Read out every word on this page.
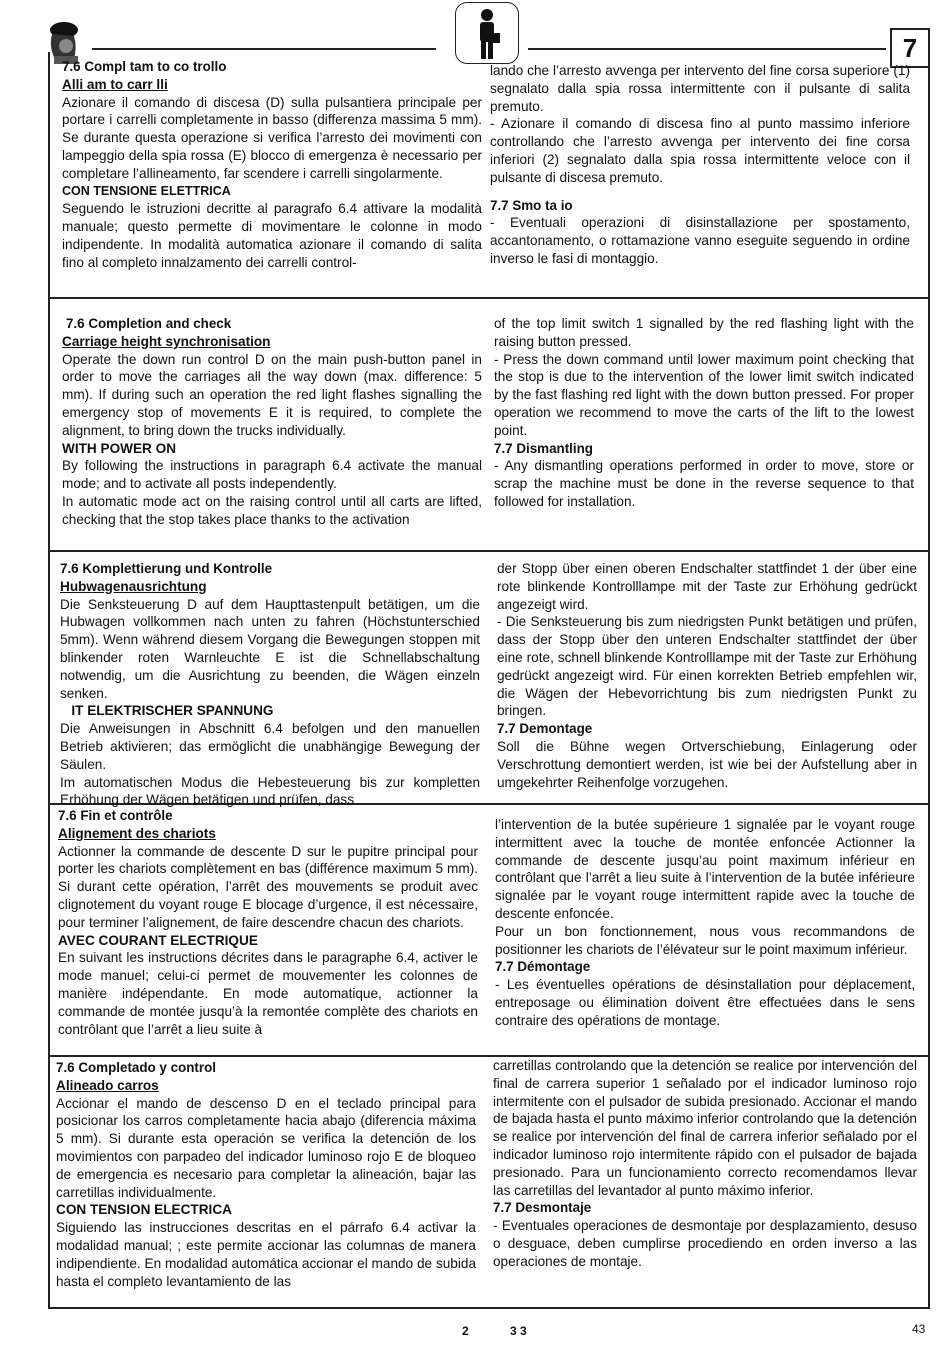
7

7.6 Compl tam to co trollo

Alli am to carr lli

Azionare il comando di discesa (D) sulla pulsantiera principale per portare i carrelli completamente in basso (differenza massima 5 mm). Se durante questa operazione si verifica l’arresto dei movimenti con lampeggio della spia rossa (E) blocco di emergenza è necessario per completare l’allineamento, far scendere i carrelli singolarmente.

CON TENSIONE ELETTRICA

Seguendo le istruzioni decritte al paragrafo 6.4 attivare la modalità manuale; questo permette di movimentare le colonne in modo indipendente. In modalità automatica azionare il comando di salita fino al completo innalzamento dei carrelli control-

lando che l’arresto avvenga per intervento del fine corsa superiore (1) segnalato dalla spia rossa intermittente con il pulsante di salita premuto.

- Azionare il comando di discesa fino al punto massimo inferiore controllando che l’arresto avvenga per intervento dei fine corsa inferiori (2) segnalato dalla spia rossa intermittente veloce con il pulsante di discesa premuto.

7.7 Smo ta io

- Eventuali operazioni di disinstallazione per spostamento, accantonamento, o rottamazione vanno eseguite seguendo in ordine inverso le fasi di montaggio.

7.6 Completion and check

Carriage height synchronisation

Operate the down run control D on the main push-button panel in order to move the carriages all the way down (max. difference: 5 mm). If during such an operation the red light flashes signalling the emergency stop of movements E it is required, to complete the alignment, to bring down the trucks individually.

WITH POWER ON

By following the instructions in paragraph 6.4 activate the manual mode; and to activate all posts independently.

In automatic mode act on the raising control until all carts are lifted, checking that the stop takes place thanks to the activation

of the top limit switch 1 signalled by the red flashing light with the raising button pressed.

- Press the down command until lower maximum point checking that the stop is due to the intervention of the lower limit switch indicated by the fast flashing red light with the down button pressed. For proper operation we recommend to move the carts of the lift to the lowest point.

7.7 Dismantling

- Any dismantling operations performed in order to move, store or scrap the machine must be done in the reverse sequence to that followed for installation.

7.6 Komplettierung und Kontrolle

Hubwagenausrichtung

Die Senksteuerung D auf dem Haupttastenpult betätigen, um die Hubwagen vollkommen nach unten zu fahren (Höchstunterschied 5mm). Wenn während diesem Vorgang die Bewegungen stoppen mit blinkender roten Warnleuchte E ist die Schnellabschaltung notwendig, um die Ausrichtung zu beenden, die Wägen einzeln senken.

IT ELEKTRISCHER SPANNUNG

Die Anweisungen in Abschnitt 6.4 befolgen und den manuellen Betrieb aktivieren; das ermöglicht die unabhängige Bewegung der Säulen.

Im automatischen Modus die Hebesteuerung bis zur kompletten Erhöhung der Wägen betätigen und prüfen, dass

der Stopp über einen oberen Endschalter stattfindet 1 der über eine rote blinkende Kontrolllampe mit der Taste zur Erhöhung gedrückt angezeigt wird.

- Die Senksteuerung bis zum niedrigsten Punkt betätigen und prüfen, dass der Stopp über den unteren Endschalter stattfindet der über eine rote, schnell blinkende Kontrolllampe mit der Taste zur Erhöhung gedrückt angezeigt wird. Für einen korrekten Betrieb empfehlen wir, die Wägen der Hebevorrichtung bis zum niedrigsten Punkt zu bringen.

7.7 Demontage

Soll die Bühne wegen Ortverschiebung, Einlagerung oder Verschrottung demontiert werden, ist wie bei der Aufstellung aber in umgekehrter Reihenfolge vorzugehen.

7.6 Fin et contrôle

Alignement des chariots

Actionner la commande de descente D sur le pupitre principal pour porter les chariots complètement en bas (différence maximum 5 mm). Si durant cette opération, l’arrêt des mouvements se produit avec clignotement du voyant rouge E blocage d’urgence, il est nécessaire, pour terminer l’alignement, de faire descendre chacun des chariots.

AVEC COURANT ELECTRIQUE

En suivant les instructions décrites dans le paragraphe 6.4, activer le mode manuel; celui-ci permet de mouvementer les colonnes de manière indépendante. En mode automatique, actionner la commande de montée jusqu’à la remontée complète des chariots en contrôlant que l’arrêt a lieu suite à

l’intervention de la butée supérieure 1 signalée par le voyant rouge intermittent avec la touche de montée enfoncée Actionner la commande de descente jusqu’au point maximum inférieur en contrôlant que l’arrêt a lieu suite à l’intervention de la butée inférieure signalée par le voyant rouge intermittent rapide avec la touche de descente enfoncée.

Pour un bon fonctionnement, nous vous recommandons de positionner les chariots de l’élévateur sur le point maximum inférieur.

7.7 Démontage

- Les éventuelles opérations de désinstallation pour déplacement, entreposage ou élimination doivent être effectuées dans le sens contraire des opérations de montage.

7.6 Completado y control

Alineado carros

Accionar el mando de descenso D en el teclado principal para posicionar los carros completamente hacia abajo (diferencia máxima 5 mm). Si durante esta operación se verifica la detención de los movimientos con parpadeo del indicador luminoso rojo E de bloqueo de emergencia es necesario para completar la alineación, bajar las carretillas individualmente.

CON TENSION ELECTRICA

Siguiendo las instrucciones descritas en el párrafo 6.4 activar la modalidad manual; ; este permite accionar las columnas de manera indipendiente. En modalidad automática accionar el mando de subida hasta el completo levantamiento de las

carretillas controlando que la detención se realice por intervención del final de carrera superior 1 señalado por el indicador luminoso rojo intermitente con el pulsador de subida presionado. Accionar el mando de bajada hasta el punto máximo inferior controlando que la detención se realice por intervención del final de carrera inferior señalado por el indicador luminoso rojo intermitente rápido con el pulsador de bajada presionado. Para un funcionamiento correcto recomendamos llevar las carretillas del levantador al punto máximo inferior.

7.7 Desmontaje

- Eventuales operaciones de desmontaje por desplazamiento, desuso o desguace, deben cumplirse procediendo en orden inverso a las operaciones de montaje.

2	3 3	43
